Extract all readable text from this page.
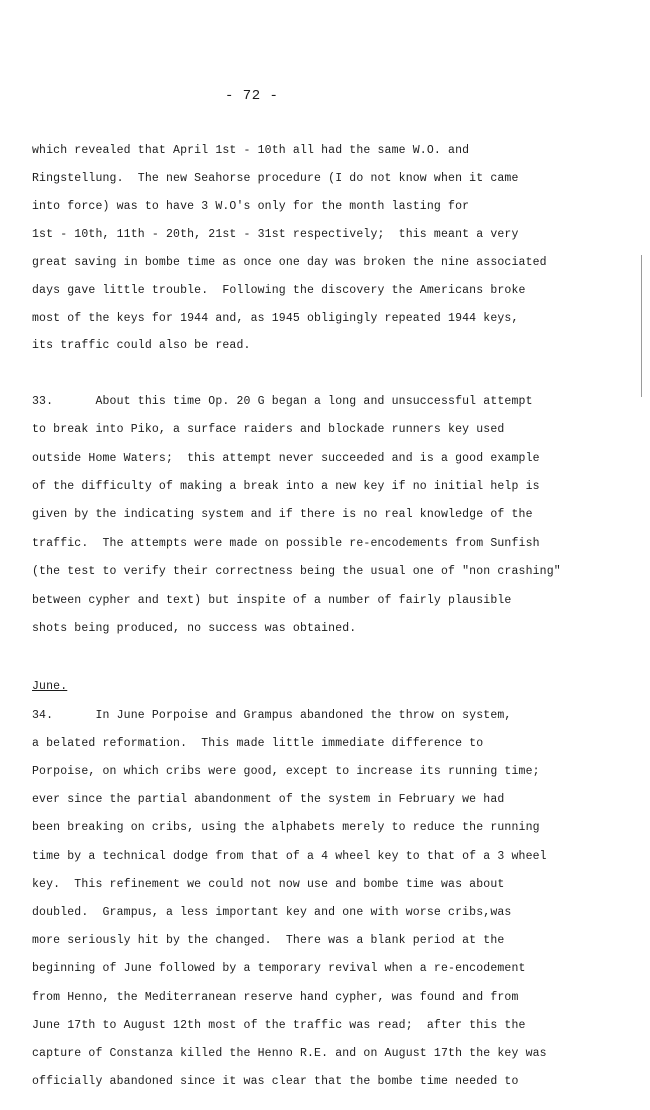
- 72 -
which revealed that April 1st - 10th all had the same W.O. and
Ringstellung.  The new Seahorse procedure (I do not know when it came
into force) was to have 3 W.O's only for the month lasting for
1st - 10th, 11th - 20th, 21st - 31st respectively;  this meant a very
great saving in bombe time as once one day was broken the nine associated
days gave little trouble.  Following the discovery the Americans broke
most of the keys for 1944 and, as 1945 obligingly repeated 1944 keys,
its traffic could also be read.
33.      About this time Op. 20 G began a long and unsuccessful attempt
to break into Piko, a surface raiders and blockade runners key used
outside Home Waters;  this attempt never succeeded and is a good example
of the difficulty of making a break into a new key if no initial help is
given by the indicating system and if there is no real knowledge of the
traffic.  The attempts were made on possible re-encodements from Sunfish
(the test to verify their correctness being the usual one of "non crashing"
between cypher and text) but inspite of a number of fairly plausible
shots being produced, no success was obtained.
June.
34.      In June Porpoise and Grampus abandoned the throw on system,
a belated reformation.  This made little immediate difference to
Porpoise, on which cribs were good, except to increase its running time;
ever since the partial abandonment of the system in February we had
been breaking on cribs, using the alphabets merely to reduce the running
time by a technical dodge from that of a 4 wheel key to that of a 3 wheel
key.  This refinement we could not now use and bombe time was about
doubled.  Grampus, a less important key and one with worse cribs,was
more seriously hit by the changed.  There was a blank period at the
beginning of June followed by a temporary revival when a re-encodement
from Henno, the Mediterranean reserve hand cypher, was found and from
June 17th to August 12th most of the traffic was read;  after this the
capture of Constanza killed the Henno R.E. and on August 17th the key was
officially abandoned since it was clear that the bombe time needed to
